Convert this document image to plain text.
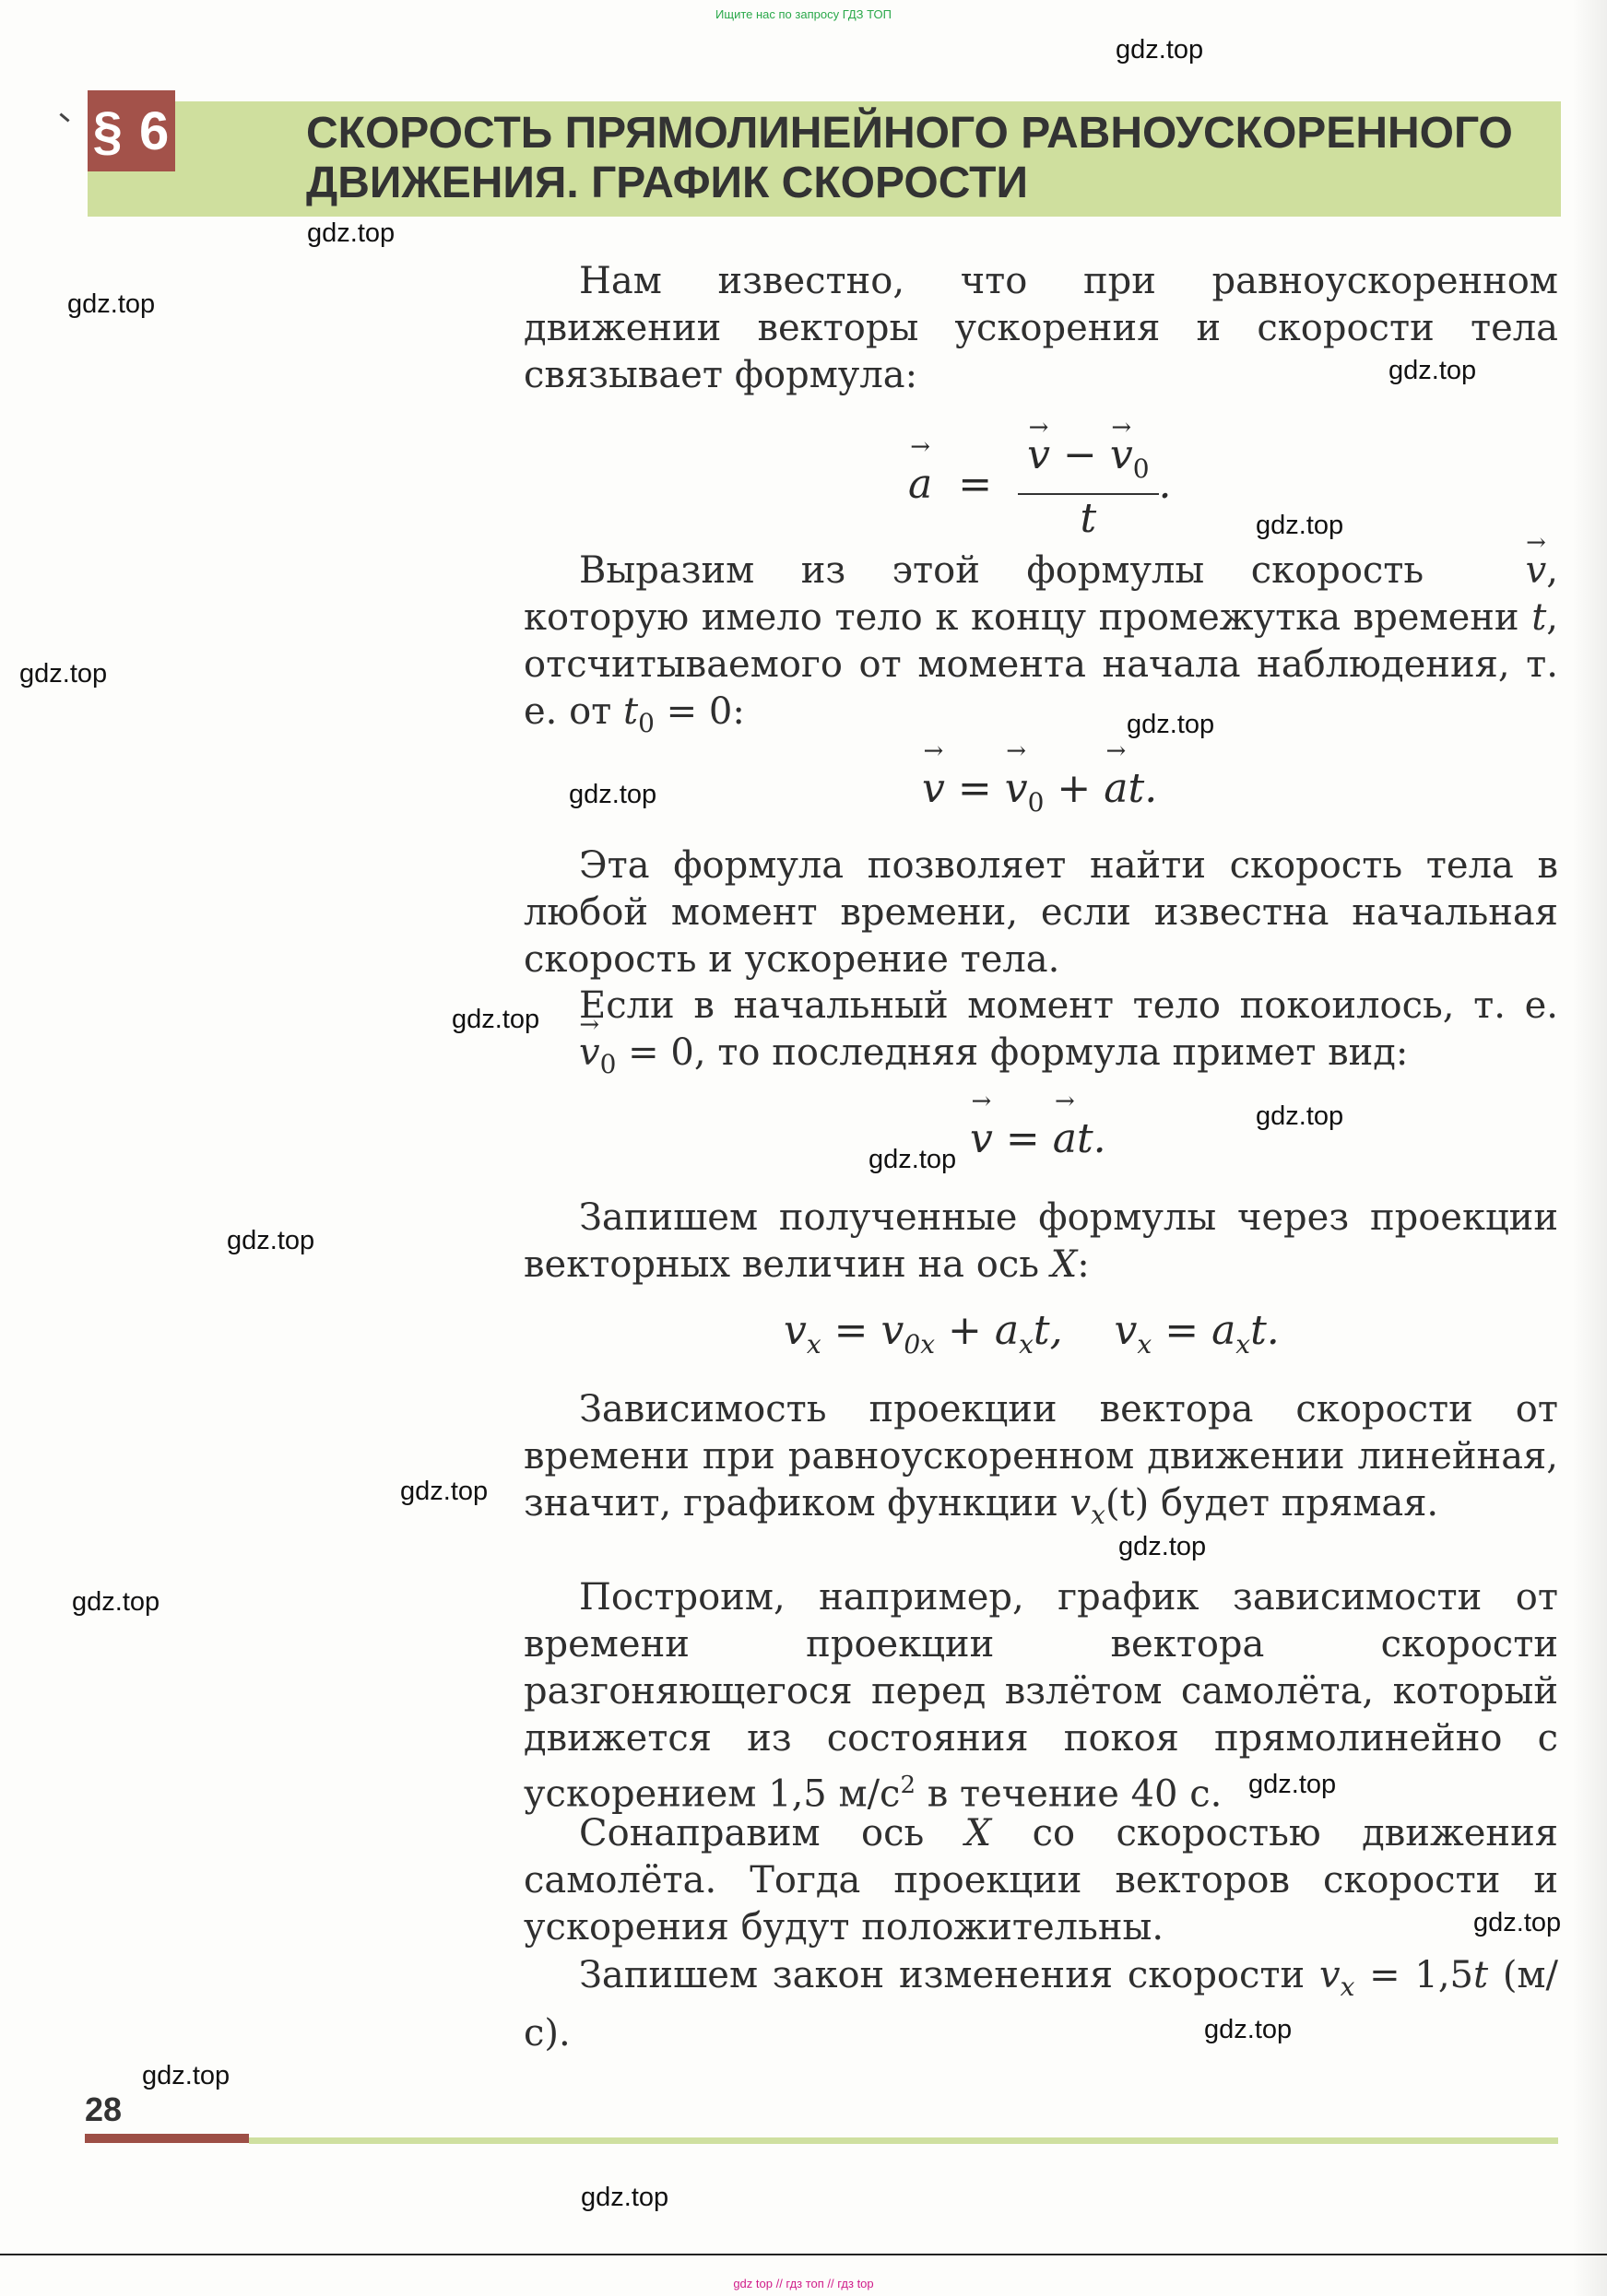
Ищите нас по запросу ГДЗ ТОП
§ 6	СКОРОСТЬ ПРЯМОЛИНЕЙНОГО РАВНОУСКОРЕННОГО
ДВИЖЕНИЯ. ГРАФИК СКОРОСТИ

Нам известно, что при равноускоренном движении векторы ускорения и скорости тела связывает формула:

→ a = → $\frac{v - \to v_0}{t}$ .

Выразим из этой формулы скорость	→ v, которую имело тело к концу промежутка времени t, отсчитываемого от момента начала наблюдения, т. е. от $t_0 = 0$:

→ v = → $v_0$ + → at.

Эта формула позволяет найти скорость тела в любой момент времени, если известна начальная скорость и ускорение тела.

Если в начальный момент тело покоилось, т. е. → $v_0 = 0$, то последняя формула примет вид:

→ v = → at.

Запишем полученные формулы через проекции векторных величин на ось X:

$v_x = v_{0x} + a_xt$,    $v_x = a_xt$.

Зависимость проекции вектора скорости от времени при равноускоренном движении линейная, значит, графиком функции $v_x(t)$ будет прямая.

Построим, например, график зависимости от времени проекции вектора скорости разгоняющегося перед взлётом самолёта, который движется из состояния покоя прямолинейно с ускорением 1,5 $м/с^2$ в течение 40 с.

Сонаправим ось X со скоростью движения самолёта. Тогда проекции векторов скорости и ускорения будут положительны.

Запишем закон изменения скорости $v_x = 1,5t$ (м/с).

gdz.top
gdz.top
gdz.top
gdz.top
gdz.top
gdz.top
gdz.top
gdz.top
gdz.top
gdz.top
gdz.top
gdz.top
gdz.top
gdz.top
gdz.top
gdz.top
gdz.top
gdz.top
gdz.top
gdz.top
28
gdz top // гдз топ // гдз top
